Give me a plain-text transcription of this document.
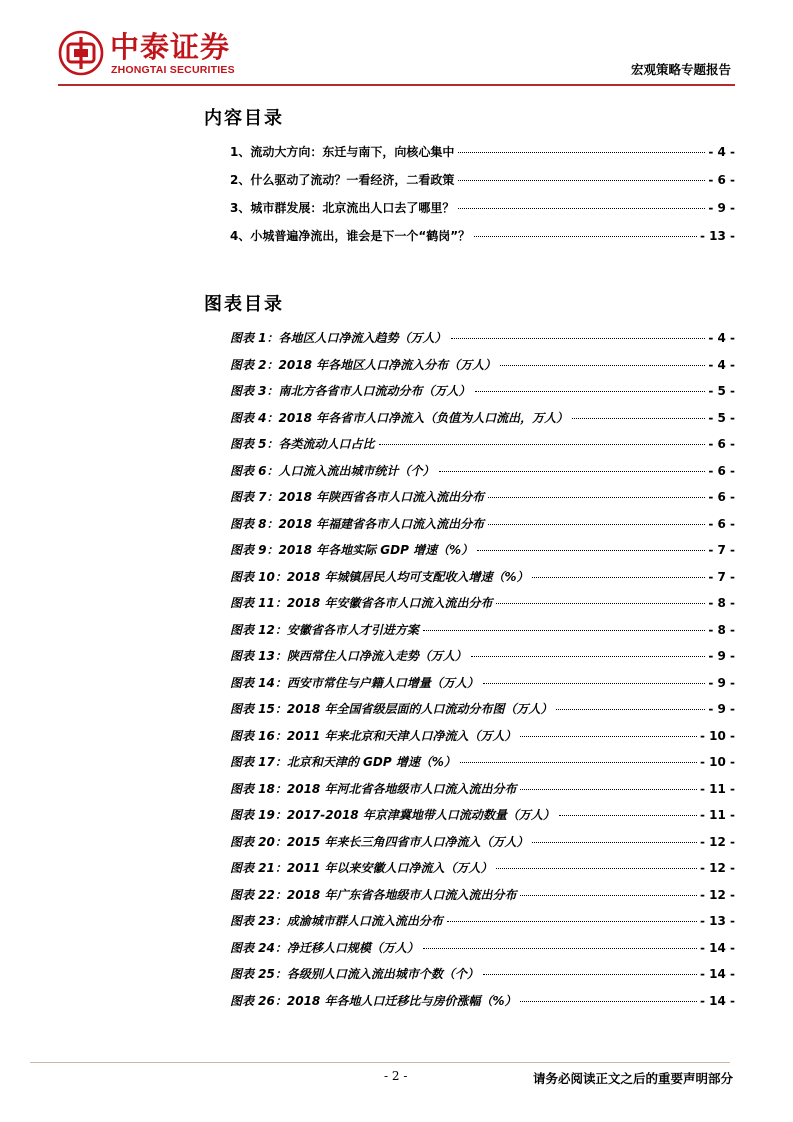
中泰证券
ZHONGTAI SECURITIES	宏观策略专题报告
内容目录
1、流动大方向：东迁与南下，向核心集中	- 4 -
2、什么驱动了流动？一看经济，二看政策	- 6 -
3、城市群发展：北京流出人口去了哪里？	- 9 -
4、小城普遍净流出，谁会是下一个“鹤岗”？	- 13 -
图表目录
图表 1：各地区人口净流入趋势（万人）	- 4 -
图表 2：2018 年各地区人口净流入分布（万人）	- 4 -
图表 3：南北方各省市人口流动分布（万人）	- 5 -
图表 4：2018 年各省市人口净流入（负值为人口流出，万人）	- 5 -
图表 5：各类流动人口占比	- 6 -
图表 6：人口流入流出城市统计（个）	- 6 -
图表 7：2018 年陕西省各市人口流入流出分布	- 6 -
图表 8：2018 年福建省各市人口流入流出分布	- 6 -
图表 9：2018 年各地实际 GDP 增速（%）	- 7 -
图表 10：2018 年城镇居民人均可支配收入增速（%）	- 7 -
图表 11：2018 年安徽省各市人口流入流出分布	- 8 -
图表 12：安徽省各市人才引进方案	- 8 -
图表 13：陕西常住人口净流入走势（万人）	- 9 -
图表 14：西安市常住与户籍人口增量（万人）	- 9 -
图表 15：2018 年全国省级层面的人口流动分布图（万人）	- 9 -
图表 16：2011 年来北京和天津人口净流入（万人）	- 10 -
图表 17：北京和天津的 GDP 增速（%）	- 10 -
图表 18：2018 年河北省各地级市人口流入流出分布	- 11 -
图表 19：2017-2018 年京津冀地带人口流动数量（万人）	- 11 -
图表 20：2015 年来长三角四省市人口净流入（万人）	- 12 -
图表 21：2011 年以来安徽人口净流入（万人）	- 12 -
图表 22：2018 年广东省各地级市人口流入流出分布	- 12 -
图表 23：成渝城市群人口流入流出分布	- 13 -
图表 24：净迁移人口规模（万人）	- 14 -
图表 25：各级别人口流入流出城市个数（个）	- 14 -
图表 26：2018 年各地人口迁移比与房价涨幅（%）	- 14 -
- 2 -	请务必阅读正文之后的重要声明部分
